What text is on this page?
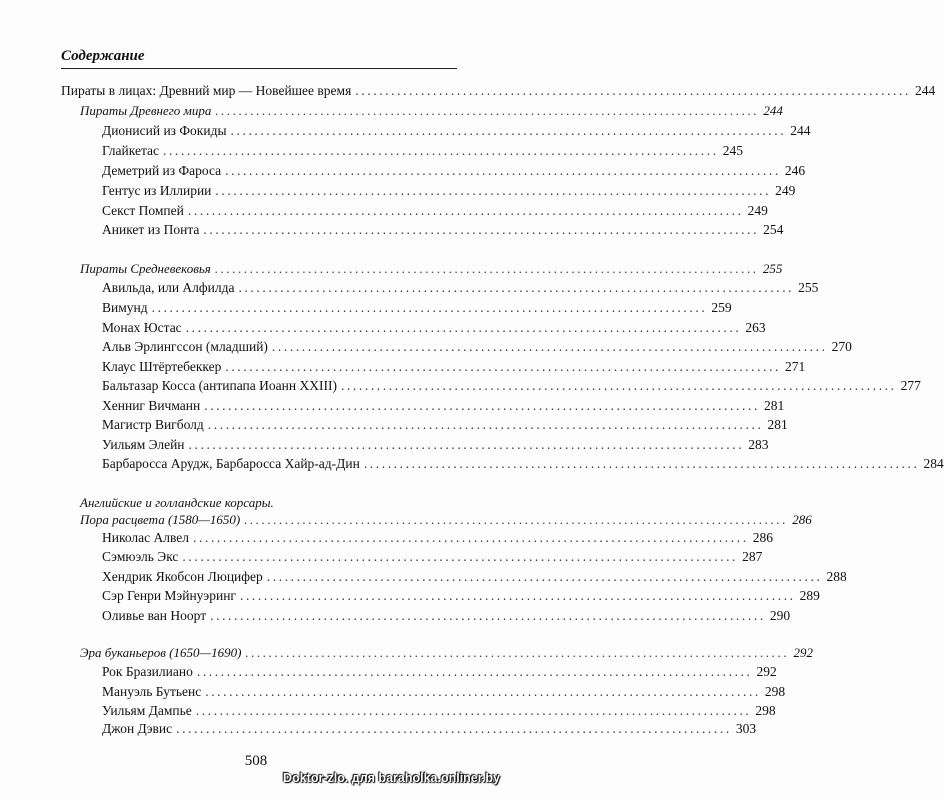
Содержание
Пираты в лицах: Древний мир — Новейшее время ............................................................................................. 244
Пираты Древнего мира ............................................................................................. 244
Дионисий из Фокиды ............................................................................................. 244
Глайкетас ............................................................................................. 245
Деметрий из Фароса ............................................................................................. 246
Гентус из Иллирии ............................................................................................. 249
Секст Помпей ............................................................................................. 249
Аникет из Понта ............................................................................................. 254
Пираты Средневековья ............................................................................................. 255
Авильда, или Алфилда ............................................................................................. 255
Вимунд ............................................................................................. 259
Монах Юстас ............................................................................................. 263
Альв Эрлингссон (младший) ............................................................................................. 270
Клаус Штёртебеккер ............................................................................................. 271
Бальтазар Косса (антипапа Иоанн XXIII) ............................................................................................. 277
Хенниг Вичманн ............................................................................................. 281
Магистр Вигболд ............................................................................................. 281
Уильям Элейн ............................................................................................. 283
Барбаросса Арудж, Барбаросса Хайр-ад-Дин ............................................................................................. 284
Английские и голландские корсары.
Пора расцвета (1580—1650) ............................................................................................. 286
Николас Алвел ............................................................................................. 286
Сэмюэль Экс ............................................................................................. 287
Хендрик Якобсон Люцифер ............................................................................................. 288
Сэр Генри Мэйнуэринг ............................................................................................. 289
Оливье ван Ноорт ............................................................................................. 290
Эра буканьеров (1650—1690) ............................................................................................. 292
Рок Бразилиано ............................................................................................. 292
Мануэль Бутьенс ............................................................................................. 298
Уильям Дампье ............................................................................................. 298
Джон Дэвис ............................................................................................. 303
508
Doktor-zlo. для baraholka.onliner.by
